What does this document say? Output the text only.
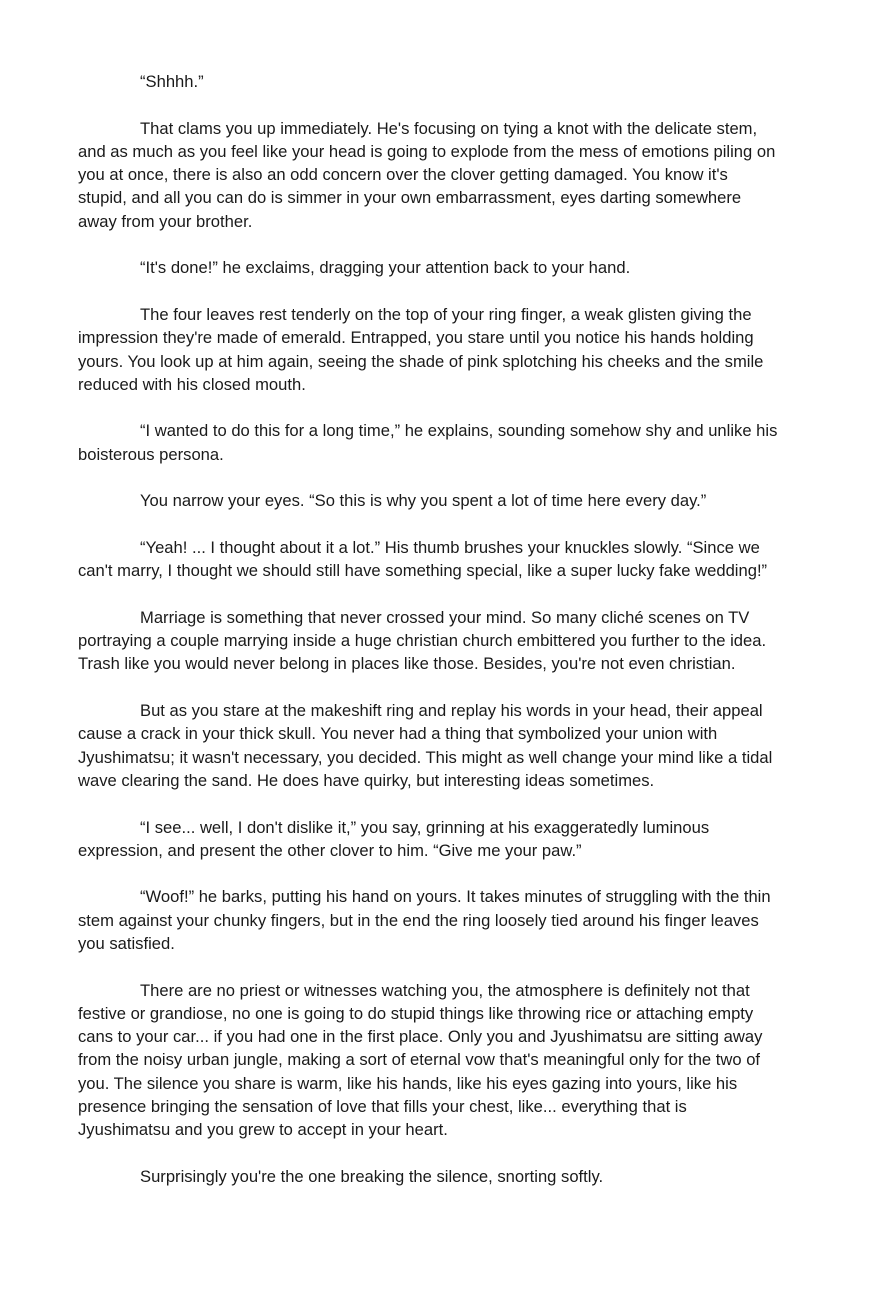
“Shhhh.”

That clams you up immediately. He's focusing on tying a knot with the delicate stem, and as much as you feel like your head is going to explode from the mess of emotions piling on you at once, there is also an odd concern over the clover getting damaged. You know it's stupid, and all you can do is simmer in your own embarrassment, eyes darting somewhere away from your brother.

“It's done!” he exclaims, dragging your attention back to your hand.

The four leaves rest tenderly on the top of your ring finger, a weak glisten giving the impression they're made of emerald. Entrapped, you stare until you notice his hands holding yours. You look up at him again, seeing the shade of pink splotching his cheeks and the smile reduced with his closed mouth.

“I wanted to do this for a long time,” he explains, sounding somehow shy and unlike his boisterous persona.

You narrow your eyes. “So this is why you spent a lot of time here every day.”

“Yeah! ... I thought about it a lot.” His thumb brushes your knuckles slowly. “Since we can't marry, I thought we should still have something special, like a super lucky fake wedding!”

Marriage is something that never crossed your mind. So many cliché scenes on TV portraying a couple marrying inside a huge christian church embittered you further to the idea. Trash like you would never belong in places like those. Besides, you're not even christian.

But as you stare at the makeshift ring and replay his words in your head, their appeal cause a crack in your thick skull. You never had a thing that symbolized your union with Jyushimatsu; it wasn't necessary, you decided. This might as well change your mind like a tidal wave clearing the sand. He does have quirky, but interesting ideas sometimes.

“I see... well, I don't dislike it,” you say, grinning at his exaggeratedly luminous expression, and present the other clover to him. “Give me your paw.”

“Woof!” he barks, putting his hand on yours. It takes minutes of struggling with the thin stem against your chunky fingers, but in the end the ring loosely tied around his finger leaves you satisfied.

There are no priest or witnesses watching you, the atmosphere is definitely not that festive or grandiose, no one is going to do stupid things like throwing rice or attaching empty cans to your car... if you had one in the first place. Only you and Jyushimatsu are sitting away from the noisy urban jungle, making a sort of eternal vow that's meaningful only for the two of you. The silence you share is warm, like his hands, like his eyes gazing into yours, like his presence bringing the sensation of love that fills your chest, like... everything that is Jyushimatsu and you grew to accept in your heart.

Surprisingly you're the one breaking the silence, snorting softly.
